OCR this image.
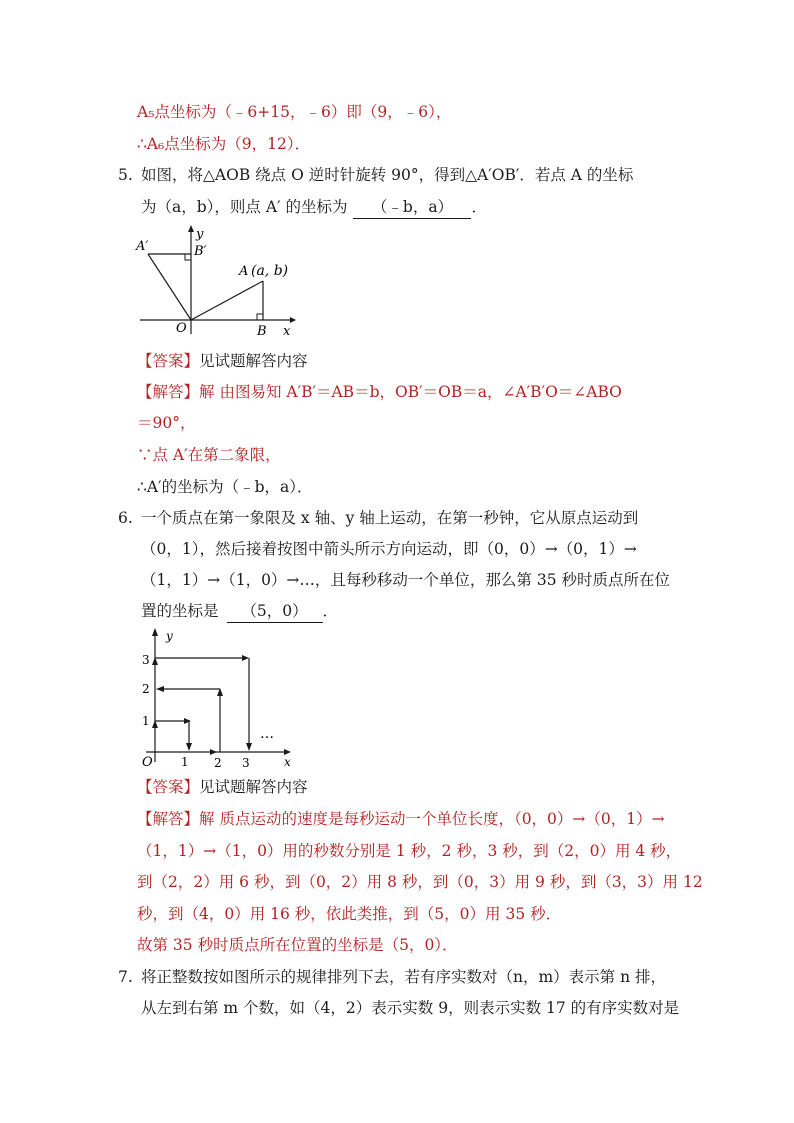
A₅点坐标为（﹣6+15，﹣6）即（9，﹣6），
∴A₆点坐标为（9，12）．
5. 如图，将△AOB 绕点 O 逆时针旋转 90°，得到△A′OB′．若点 A 的坐标
为（a，b），则点 A′ 的坐标为 （﹣b，a） ．
A′	B′
y
A (a, b)
O	B x
【答案】见试题解答内容
【解答】解 由图易知 A′B′＝AB＝b，OB′＝OB＝a，∠A′B′O＝∠ABO
＝90°，
∵点 A′在第二象限，
∴A′的坐标为（﹣b，a）．
6. 一个质点在第一象限及 x 轴、y 轴上运动，在第一秒钟，它从原点运动到
（0，1），然后接着按图中箭头所示方向运动，即（0，0）→（0，1）→
（1，1）→（1，0）→…，且每秒移动一个单位，那么第 35 秒时质点所在位
置的坐标是 （5，0） ．
y
x
O
1
2
3
1 2 3
…
【答案】见试题解答内容
【解答】解 质点运动的速度是每秒运动一个单位长度，（0，0）→（0，1）→
（1，1）→（1，0）用的秒数分别是 1 秒，2 秒，3 秒，到（2，0）用 4 秒，
到（2，2）用 6 秒，到（0，2）用 8 秒，到（0，3）用 9 秒，到（3，3）用 12
秒，到（4，0）用 16 秒，依此类推，到（5，0）用 35 秒．
故第 35 秒时质点所在位置的坐标是（5，0）．
7. 将正整数按如图所示的规律排列下去，若有序实数对（n，m）表示第 n 排，
从左到右第 m 个数，如（4，2）表示实数 9，则表示实数 17 的有序实数对是
